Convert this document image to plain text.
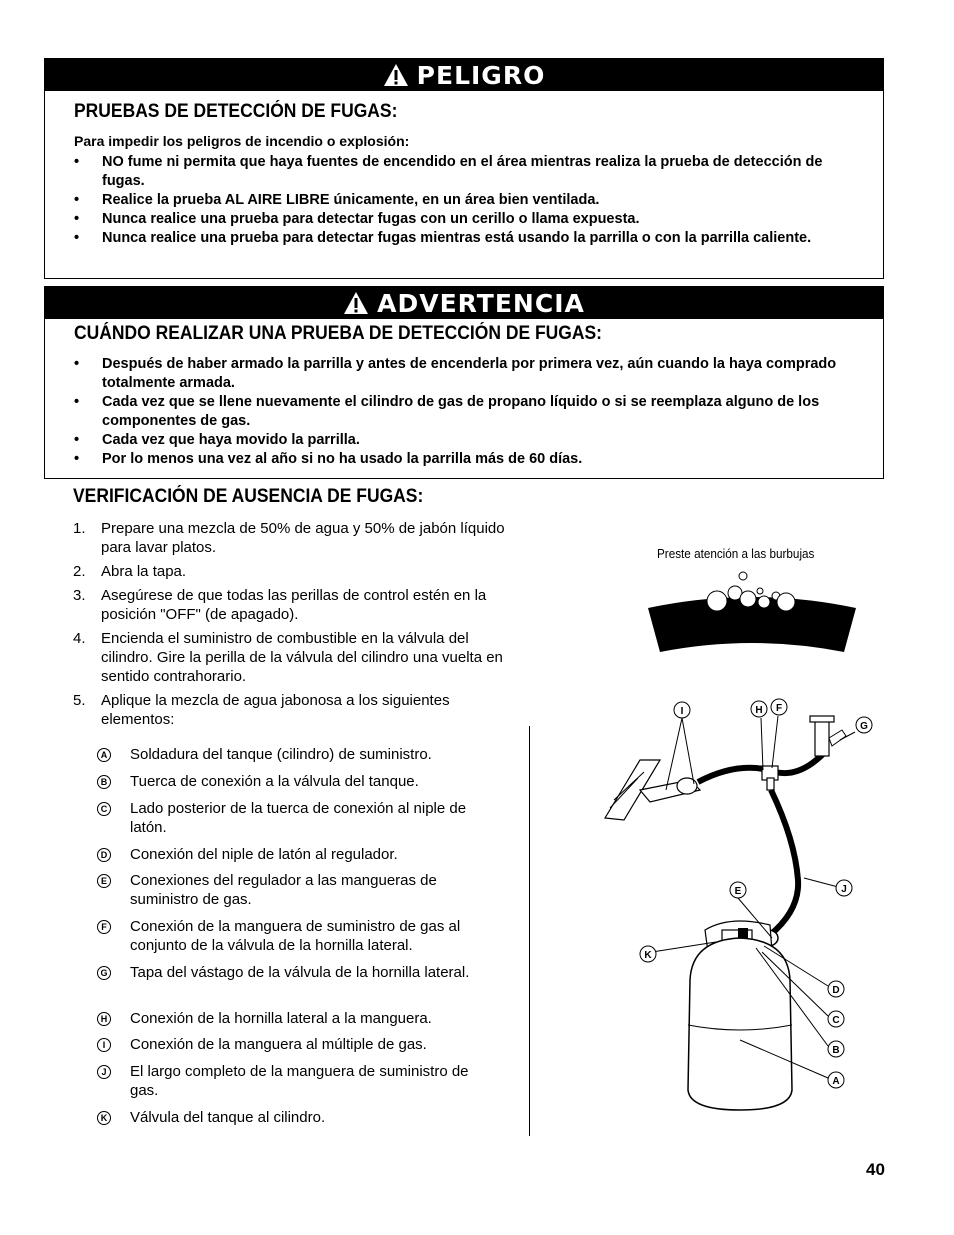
PELIGRO
PRUEBAS DE DETECCIÓN DE FUGAS:
Para impedir los peligros de incendio o explosión:
• NO fume ni permita que haya fuentes de encendido en el área mientras realiza la prueba de detección de fugas.
• Realice la prueba AL AIRE LIBRE únicamente, en un área bien ventilada.
• Nunca realice una prueba para detectar fugas con un cerillo o llama expuesta.
• Nunca realice una prueba para detectar fugas mientras está usando la parrilla o con la parrilla caliente.
ADVERTENCIA
CUÁNDO REALIZAR UNA PRUEBA DE DETECCIÓN DE FUGAS:
• Después de haber armado la parrilla y antes de encenderla por primera vez, aún cuando la haya comprado totalmente armada.
• Cada vez que se llene nuevamente el cilindro de gas de propano líquido o si se reemplaza alguno de los componentes de gas.
• Cada vez que haya movido la parrilla.
• Por lo menos una vez al año si no ha usado la parrilla más de 60 días.
VERIFICACIÓN DE AUSENCIA DE FUGAS:
1. Prepare una mezcla de 50% de agua y 50% de jabón líquido para lavar platos.
2. Abra la tapa.
3. Asegúrese de que todas las perillas de control estén en la posición "OFF" (de apagado).
4. Encienda el suministro de combustible en la válvula del cilindro. Gire la perilla de la válvula del cilindro una vuelta en sentido contrahorario.
5. Aplique la mezcla de agua jabonosa a los siguientes elementos:
A Soldadura del tanque (cilindro) de suministro.
B Tuerca de conexión a la válvula del tanque.
C Lado posterior de la tuerca de conexión al niple de latón.
D Conexión del niple de latón al regulador.
E Conexiones del regulador a las mangueras de suministro de gas.
F Conexión de la manguera de suministro de gas al conjunto de la válvula de la hornilla lateral.
G Tapa del vástago de la válvula de la hornilla lateral.
H Conexión de la hornilla lateral a la manguera.
I	Conexión de la manguera al múltiple de gas.
J	El largo completo de la manguera de suministro de gas.
K Válvula del tanque al cilindro.
Preste atención a las burbujas
I	H F
G
J
E
K
D
C
B
A
40
